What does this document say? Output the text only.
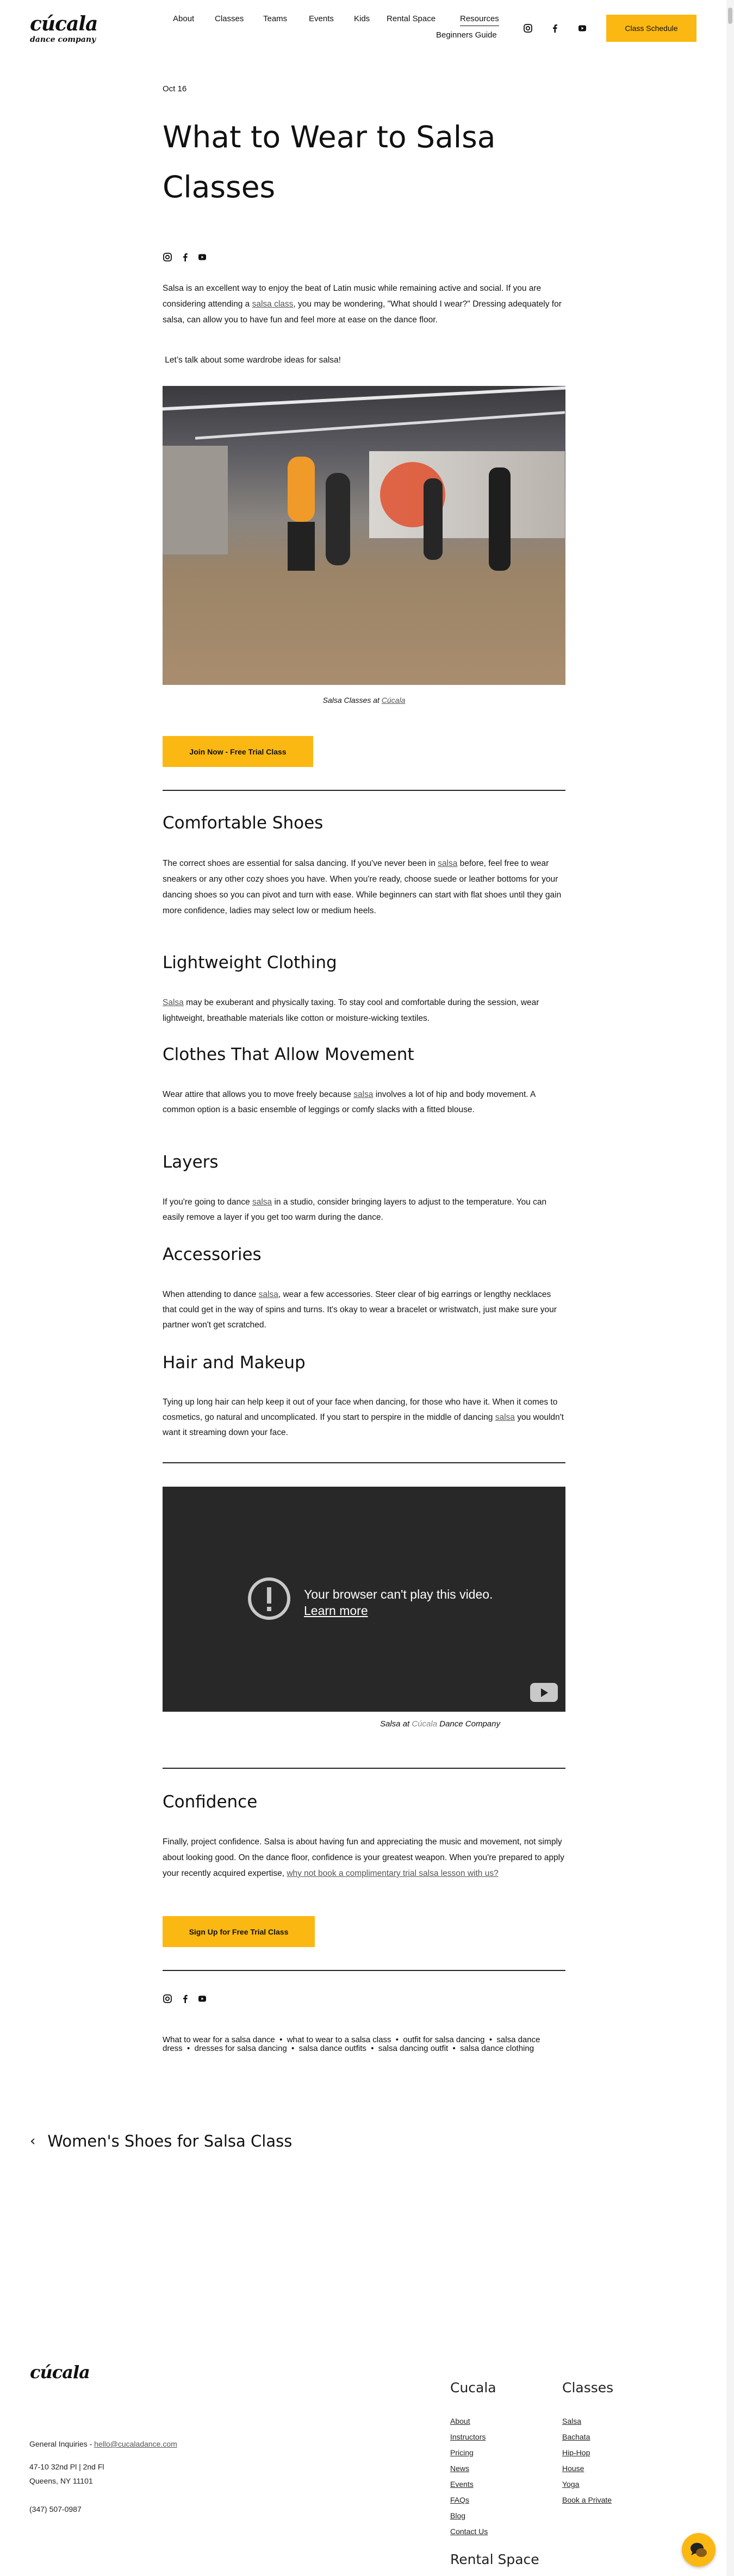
cúcala
dance company
About	Classes Teams	Events Kids Rental Space	Resources
Beginners Guide
Class Schedule
Oct 16
What to Wear to Salsa Classes

Salsa is an excellent way to enjoy the beat of Latin music while remaining active and social. If you are considering attending a salsa class, you may be wondering, "What should I wear?" Dressing adequately for salsa, can allow you to have fun and feel more at ease on the dance floor.

Let’s talk about some wardrobe ideas for salsa!

Salsa Classes at Cúcala

Join Now - Free Trial Class
Comfortable Shoes

The correct shoes are essential for salsa dancing. If you've never been in salsa before, feel free to wear sneakers or any other cozy shoes you have. When you're ready, choose suede or leather bottoms for your dancing shoes so you can pivot and turn with ease. While beginners can start with flat shoes until they gain more confidence, ladies may select low or medium heels.

Lightweight Clothing

Salsa may be exuberant and physically taxing. To stay cool and comfortable during the session, wear lightweight, breathable materials like cotton or moisture-wicking textiles.

Clothes That Allow Movement

Wear attire that allows you to move freely because salsa involves a lot of hip and body movement. A common option is a basic ensemble of leggings or comfy slacks with a fitted blouse.

Layers

If you're going to dance salsa in a studio, consider bringing layers to adjust to the temperature. You can easily remove a layer if you get too warm during the dance.

Accessories

When attending to dance salsa, wear a few accessories. Steer clear of big earrings or lengthy necklaces that could get in the way of spins and turns. It's okay to wear a bracelet or wristwatch, just make sure your partner won't get scratched.

Hair and Makeup

Tying up long hair can help keep it out of your face when dancing, for those who have it. When it comes to cosmetics, go natural and uncomplicated. If you start to perspire in the middle of dancing salsa you wouldn't want it streaming down your face.

Your browser can't play this video.
Learn more

Salsa at Cúcala Dance Company

Confidence

Finally, project confidence. Salsa is about having fun and appreciating the music and movement, not simply about looking good. On the dance floor, confidence is your greatest weapon. When you're prepared to apply your recently acquired expertise, why not book a complimentary trial salsa lesson with us?

Sign Up for Free Trial Class
What to wear for a salsa dance  •  what to wear to a salsa class  •  outfit for salsa dancing  •  salsa dance dress  •  dresses for salsa dancing  •  salsa dance outfits  •  salsa dancing outfit  •  salsa dance clothing
‹ Women's Shoes for Salsa Class
cúcala
General Inquiries - hello@cucaladance.com
47-10 32nd Pl | 2nd Fl
Queens, NY 11101
(347) 507-0987
Cucala	Classes
About
Instructors
Pricing
News
Events
FAQs
Blog
Contact Us
Salsa
Bachata
Hip-Hop
House
Yoga
Book a Private
Rental Space
